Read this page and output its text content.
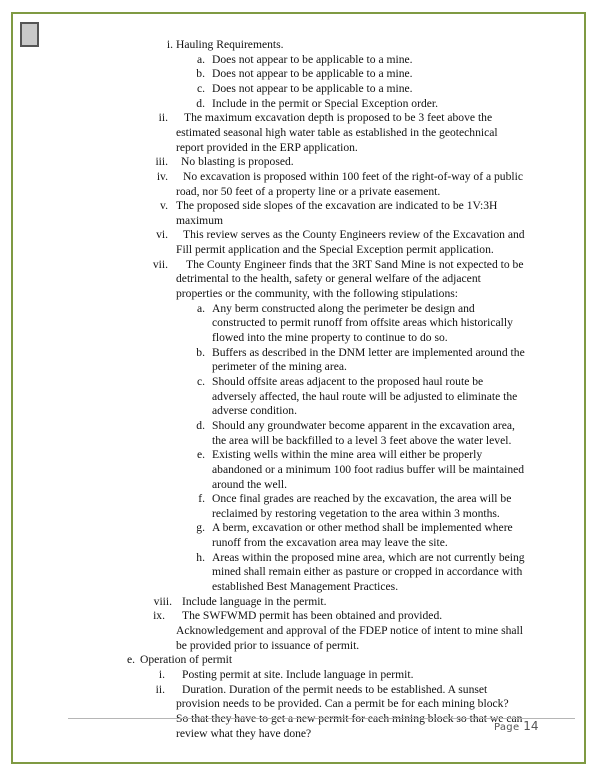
i. Hauling Requirements.
a. Does not appear to be applicable to a mine.
b. Does not appear to be applicable to a mine.
c. Does not appear to be applicable to a mine.
d. Include in the permit or Special Exception order.
ii. The maximum excavation depth is proposed to be 3 feet above the
estimated seasonal high water table as established in the geotechnical
report provided in the ERP application.
iii. No blasting is proposed.
iv. No excavation is proposed within 100 feet of the right-of-way of a public
road, nor 50 feet of a property line or a private easement.
v. The proposed side slopes of the excavation are indicated to be 1V:3H
maximum
vi. This review serves as the County Engineers review of the Excavation and
Fill permit application and the Special Exception permit application.
vii. The County Engineer finds that the 3RT Sand Mine is not expected to be
detrimental to the health, safety or general welfare of the adjacent
properties or the community, with the following stipulations:
a. Any berm constructed along the perimeter be design and
constructed to permit runoff from offsite areas which historically
flowed into the mine property to continue to do so.
b. Buffers as described in the DNM letter are implemented around the
perimeter of the mining area.
c. Should offsite areas adjacent to the proposed haul route be
adversely affected, the haul route will be adjusted to eliminate the
adverse condition.
d. Should any groundwater become apparent in the excavation area,
the area will be backfilled to a level 3 feet above the water level.
e. Existing wells within the mine area will either be properly
abandoned or a minimum 100 foot radius buffer will be maintained
around the well.
f. Once final grades are reached by the excavation, the area will be
reclaimed by restoring vegetation to the area within 3 months.
g. A berm, excavation or other method shall be implemented where
runoff from the excavation area may leave the site.
h. Areas within the proposed mine area, which are not currently being
mined shall remain either as pasture or cropped in accordance with
established Best Management Practices.
viii. Include language in the permit.
ix. The SWFWMD permit has been obtained and provided.
Acknowledgement and approval of the FDEP notice of intent to mine shall
be provided prior to issuance of permit.
e. Operation of permit
i. Posting permit at site. Include language in permit.
ii. Duration. Duration of the permit needs to be established. A sunset
provision needs to be provided. Can a permit be for each mining block?
So that they have to get a new permit for each mining block so that we can
review what they have done?	Page 14
